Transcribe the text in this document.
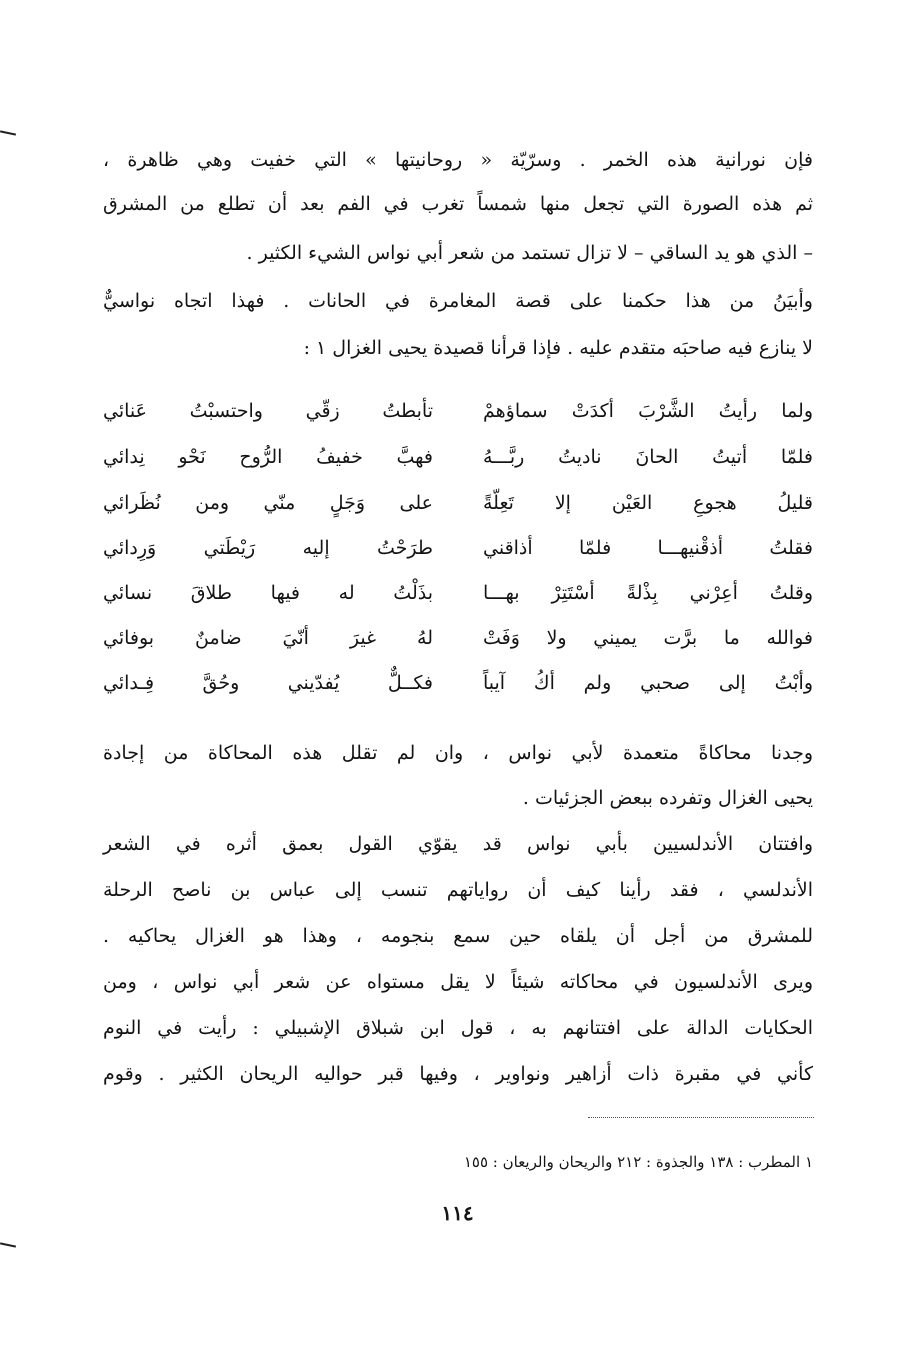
فإن نورانية هذه الخمر . وسرّيّة « روحانيتها » التي خفيت وهي ظاهرة ،
ثم هذه الصورة التي تجعل منها شمساً تغرب في الفم بعد أن تطلع من المشرق
– الذي هو يد الساقي – لا تزال تستمد من شعر أبي نواس الشيء الكثير .
وأبيَنُ من هذا حكمنا على قصة المغامرة في الحانات . فهذا اتجاه نواسيٌّ
لا ينازع فيه صاحبَه متقدم عليه . فإذا قرأنا قصيدة يحيى الغزال ١ :
ولما رأيتُ الشَّرْبَ أكدَتْ سماؤهمْ
تأبطتُ زقّي واحتسبْتُ عَنائي
فلمّا أتيتُ الحانَ ناديتُ ربَّـــهُ
فهبَّ خفيفُ الرُّوح نَحْو نِدائي
قليلُ هجوعِ العَيْن إلا تَعِلّةً
على وَجَلٍ منّي ومن نُظَرائي
فقلتُ أذقْنيهـــا فلمّا أذاقني
طرَحْتُ إليه رَيْطَتي وَرِدائي
وقلتُ أعِرْني بِذْلةً أسْتَتِرْ بهـــا
بذَلْتُ له فيها طلاقَ نسائي
فوالله ما برَّت يميني ولا وَفَتْ
لهُ غيرَ أنّيَ ضامنٌ بوفائي
وأبْتُ إلى صحبي ولم أكُ آيباً
فكــلٌّ يُفدّيني وحُقَّ فِـدائي
وجدنا محاكاةً متعمدة لأبي نواس ، وان لم تقلل هذه المحاكاة من إجادة
يحيى الغزال وتفرده ببعض الجزئيات .
وافتتان الأندلسيين بأبي نواس قد يقوّي القول بعمق أثره في الشعر
الأندلسي ، فقد رأينا كيف أن رواياتهم تنسب إلى عباس بن ناصح الرحلة
للمشرق من أجل أن يلقاه حين سمع بنجومه ، وهذا هو الغزال يحاكيه .
ويرى الأندلسيون في محاكاته شيئاً لا يقل مستواه عن شعر أبي نواس ، ومن
الحكايات الدالة على افتتانهم به ، قول ابن شبلاق الإشبيلي : رأيت في النوم
كأني في مقبرة ذات أزاهير ونواوير ، وفيها قبر حواليه الريحان الكثير . وقوم
١ المطرب : ١٣٨ والجذوة : ٢١٢ والريحان والريعان : ١٥٥
١١٤
